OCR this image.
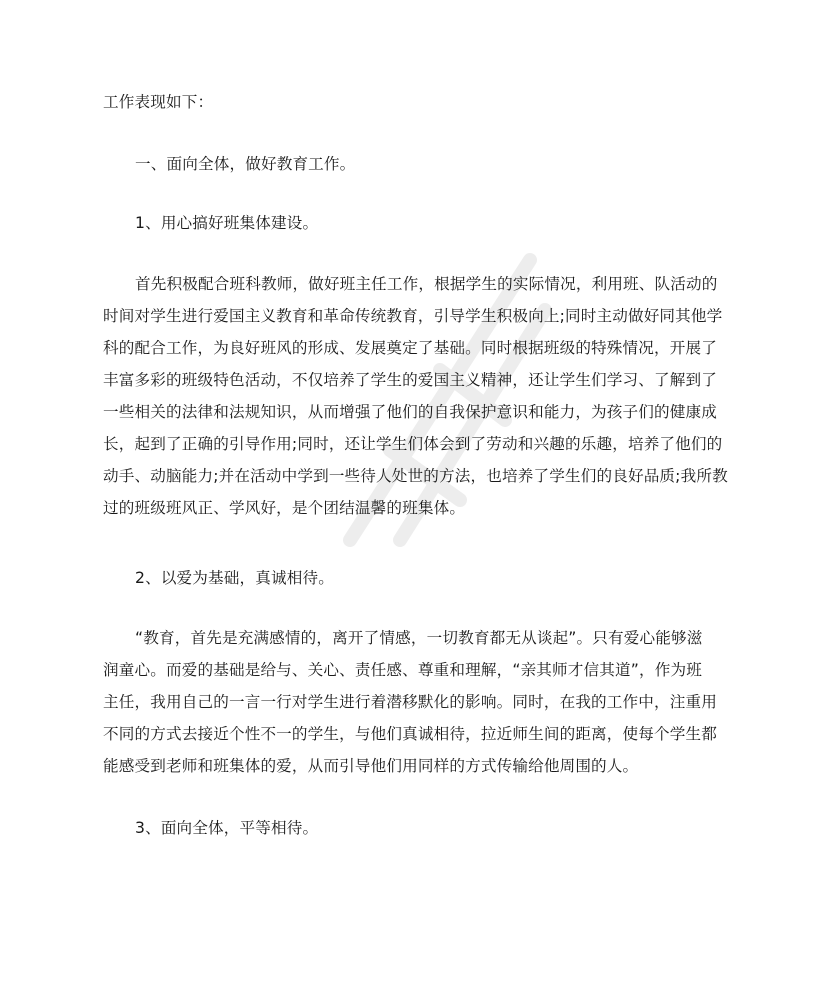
工作表现如下：
一、面向全体，做好教育工作。
1、用心搞好班集体建设。
首先积极配合班科教师，做好班主任工作，根据学生的实际情况，利用班、队活动的
时间对学生进行爱国主义教育和革命传统教育，引导学生积极向上;同时主动做好同其他学
科的配合工作，为良好班风的形成、发展奠定了基础。同时根据班级的特殊情况，开展了
丰富多彩的班级特色活动，不仅培养了学生的爱国主义精神，还让学生们学习、了解到了
一些相关的法律和法规知识，从而增强了他们的自我保护意识和能力，为孩子们的健康成
长，起到了正确的引导作用;同时，还让学生们体会到了劳动和兴趣的乐趣，培养了他们的
动手、动脑能力;并在活动中学到一些待人处世的方法，也培养了学生们的良好品质;我所教
过的班级班风正、学风好，是个团结温馨的班集体。
2、以爱为基础，真诚相待。
“教育，首先是充满感情的，离开了情感，一切教育都无从谈起”。只有爱心能够滋
润童心。而爱的基础是给与、关心、责任感、尊重和理解，“亲其师才信其道”，作为班
主任，我用自己的一言一行对学生进行着潜移默化的影响。同时，在我的工作中，注重用
不同的方式去接近个性不一的学生，与他们真诚相待，拉近师生间的距离，使每个学生都
能感受到老师和班集体的爱，从而引导他们用同样的方式传输给他周围的人。
3、面向全体，平等相待。
